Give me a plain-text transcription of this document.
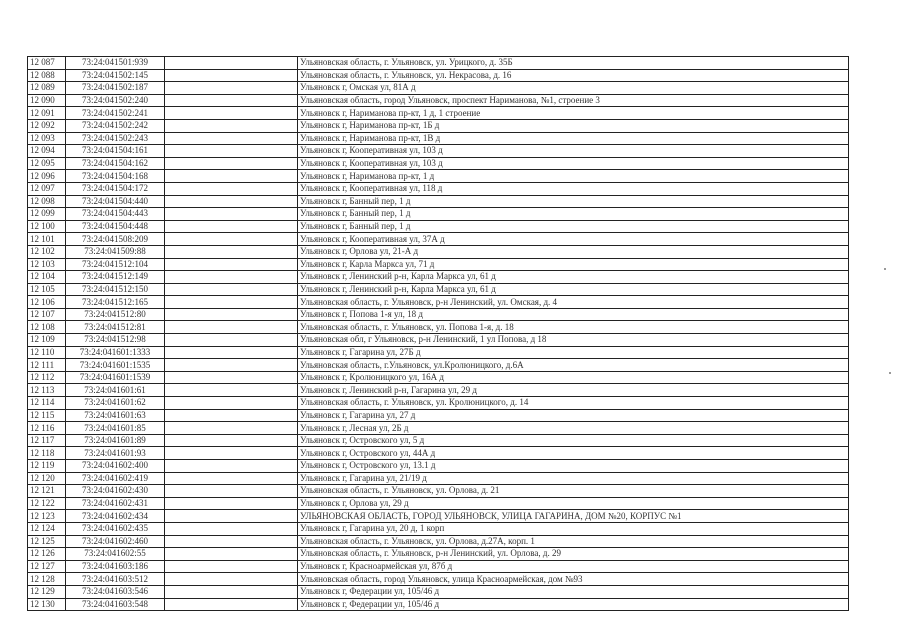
12 087	73:24:041501:939		Ульяновская область, г. Ульяновск, ул. Урицкого, д. 35Б
12 088	73:24:041502:145		Ульяновская область, г. Ульяновск, ул. Некрасова, д. 16
12 089	73:24:041502:187		Ульяновск г, Омская ул, 81А д
12 090	73:24:041502:240		Ульяновская область, город Ульяновск, проспект Нариманова, №1, строение 3
12 091	73:24:041502:241		Ульяновск г, Нариманова пр-кт, 1 д, 1 строение
12 092	73:24:041502:242		Ульяновск г, Нариманова пр-кт, 1Б д
12 093	73:24:041502:243		Ульяновск г, Нариманова пр-кт, 1В д
12 094	73:24:041504:161		Ульяновск г, Кооперативная ул, 103 д
12 095	73:24:041504:162		Ульяновск г, Кооперативная ул, 103 д
12 096	73:24:041504:168		Ульяновск г, Нариманова пр-кт, 1 д
12 097	73:24:041504:172		Ульяновск г, Кооперативная ул, 118 д
12 098	73:24:041504:440		Ульяновск г, Банный пер, 1 д
12 099	73:24:041504:443		Ульяновск г, Банный пер, 1 д
12 100	73:24:041504:448		Ульяновск г, Банный пер, 1 д
12 101	73:24:041508:209		Ульяновск г, Кооперативная ул, 37А д
12 102	73:24:041509:88		Ульяновск г, Орлова ул, 21-А д
12 103	73:24:041512:104		Ульяновск г, Карла Маркса ул, 71 д
12 104	73:24:041512:149		Ульяновск г, Ленинский р-н, Карла Маркса ул, 61 д
12 105	73:24:041512:150		Ульяновск г, Ленинский р-н, Карла Маркса ул, 61 д
12 106	73:24:041512:165		Ульяновская область, г. Ульяновск, р-н Ленинский, ул. Омская, д. 4
12 107	73:24:041512:80		Ульяновск г, Попова 1-я ул, 18 д
12 108	73:24:041512:81		Ульяновская область, г. Ульяновск, ул. Попова 1-я, д. 18
12 109	73:24:041512:98		Ульяновская обл, г Ульяновск, р-н Ленинский, 1 ул Попова, д 18
12 110	73:24:041601:1333		Ульяновск г, Гагарина ул, 27Б д
12 111	73:24:041601:1535		Ульяновская область, г.Ульяновск, ул.Кролюницкого, д.6А
12 112	73:24:041601:1539		Ульяновск г, Кролюницкого ул, 16А д
12 113	73:24:041601:61		Ульяновск г, Ленинский р-н, Гагарина ул, 29 д
12 114	73:24:041601:62		Ульяновская область, г. Ульяновск, ул. Кролюницкого, д. 14
12 115	73:24:041601:63		Ульяновск г, Гагарина ул, 27 д
12 116	73:24:041601:85		Ульяновск г, Лесная ул, 2Б д
12 117	73:24:041601:89		Ульяновск г, Островского ул, 5 д
12 118	73:24:041601:93		Ульяновск г, Островского ул, 44А д
12 119	73:24:041602:400		Ульяновск г, Островского ул, 13.1 д
12 120	73:24:041602:419		Ульяновск г, Гагарина ул, 21/19 д
12 121	73:24:041602:430		Ульяновская область, г. Ульяновск, ул. Орлова, д. 21
12 122	73:24:041602:431		Ульяновск г, Орлова ул, 29 д
12 123	73:24:041602:434		УЛЬЯНОВСКАЯ ОБЛАСТЬ, ГОРОД УЛЬЯНОВСК, УЛИЦА ГАГАРИНА, ДОМ №20, КОРПУС №1
12 124	73:24:041602:435		Ульяновск г, Гагарина ул, 20 д, 1 корп
12 125	73:24:041602:460		Ульяновская область, г. Ульяновск, ул. Орлова, д.27А, корп. 1
12 126	73:24:041602:55		Ульяновская область, г. Ульяновск, р-н Ленинский, ул. Орлова, д. 29
12 127	73:24:041603:186		Ульяновск г, Красноармейская ул, 87б д
12 128	73:24:041603:512		Ульяновская область, город Ульяновск, улица Красноармейская, дом №93
12 129	73:24:041603:546		Ульяновск г, Федерации ул, 105/46 д
12 130	73:24:041603:548		Ульяновск г, Федерации ул, 105/46 д
